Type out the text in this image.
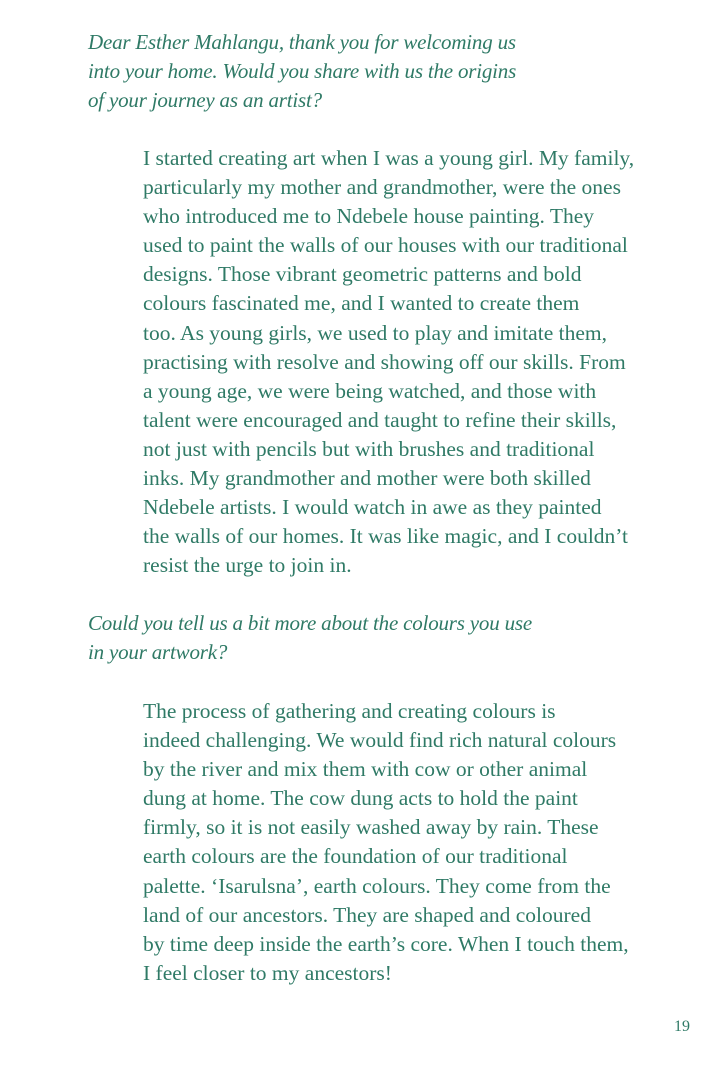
Dear Esther Mahlangu, thank you for welcoming us
into your home. Would you share with us the origins
of your journey as an artist?

I started creating art when I was a young girl. My family,
particularly my mother and grandmother, were the ones
who introduced me to Ndebele house painting. They
used to paint the walls of our houses with our traditional
designs. Those vibrant geometric patterns and bold
colours fascinated me, and I wanted to create them
too. As young girls, we used to play and imitate them,
practising with resolve and showing off our skills. From
a young age, we were being watched, and those with
talent were encouraged and taught to refine their skills,
not just with pencils but with brushes and traditional
inks. My grandmother and mother were both skilled
Ndebele artists. I would watch in awe as they painted
the walls of our homes. It was like magic, and I couldn’t
resist the urge to join in.

Could you tell us a bit more about the colours you use
in your artwork?

The process of gathering and creating colours is
indeed challenging. We would find rich natural colours
by the river and mix them with cow or other animal
dung at home. The cow dung acts to hold the paint
firmly, so it is not easily washed away by rain. These
earth colours are the foundation of our traditional
palette. ‘Isarulsna’, earth colours. They come from the
land of our ancestors. They are shaped and coloured
by time deep inside the earth’s core. When I touch them,
I feel closer to my ancestors!

19
